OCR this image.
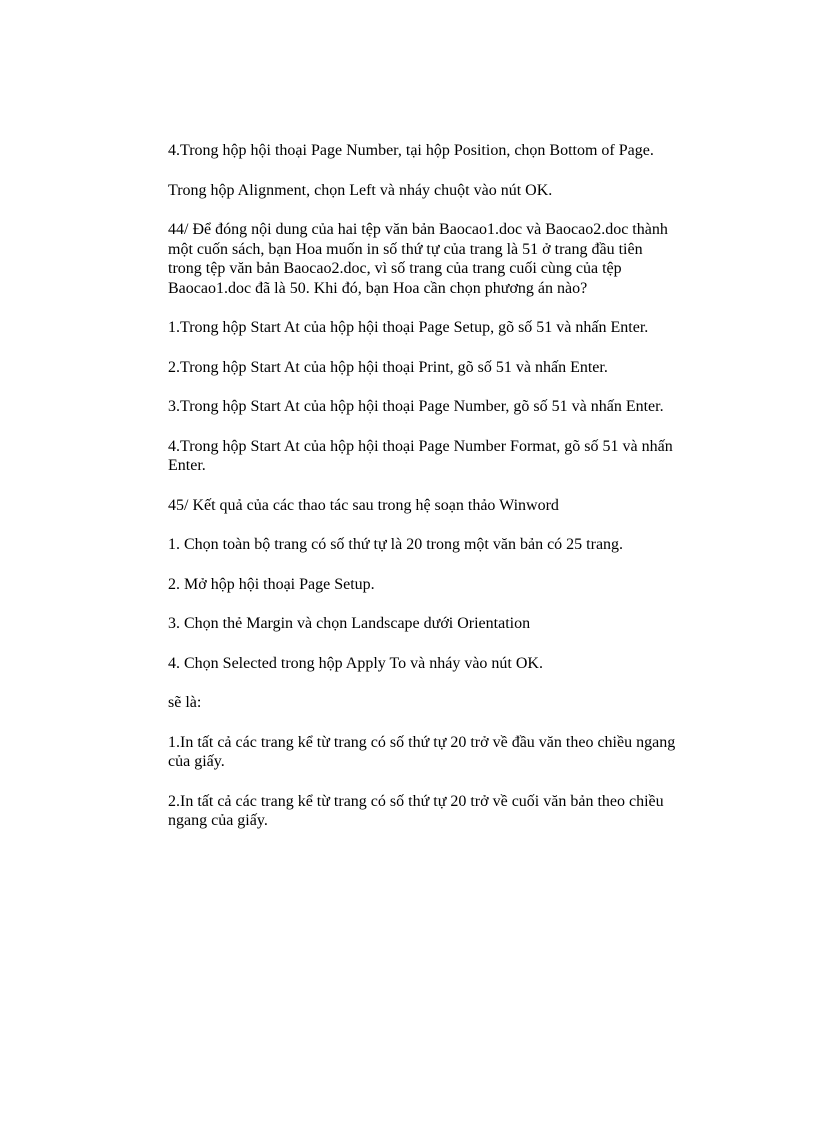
4.Trong hộp hội thoại Page Number, tại hộp Position, chọn Bottom of Page.

Trong hộp Alignment, chọn Left và nháy chuột vào nút OK.

44/ Để đóng nội dung của hai tệp văn bản Baocao1.doc và Baocao2.doc thành một cuốn sách, bạn Hoa muốn in số thứ tự của trang là 51 ở trang đầu tiên trong tệp văn bản Baocao2.doc, vì số trang của trang cuối cùng của tệp Baocao1.doc đã là 50. Khi đó, bạn Hoa cần chọn phương án nào?

1.Trong hộp Start At của hộp hội thoại Page Setup, gõ số 51 và nhấn Enter.

2.Trong hộp Start At của hộp hội thoại Print, gõ số 51 và nhấn Enter.

3.Trong hộp Start At của hộp hội thoại Page Number, gõ số 51 và nhấn Enter.

4.Trong hộp Start At của hộp hội thoại Page Number Format, gõ số 51 và nhấn Enter.

45/ Kết quả của các thao tác sau trong hệ soạn thảo Winword

1. Chọn toàn bộ trang có số thứ tự là 20 trong một văn bản có 25 trang.

2. Mở hộp hội thoại Page Setup.

3. Chọn thẻ Margin và chọn Landscape dưới Orientation

4. Chọn Selected trong hộp Apply To và nháy vào nút OK.

sẽ là:

1.In tất cả các trang kể từ trang có số thứ tự 20 trở về đầu văn theo chiều ngang của giấy.

2.In tất cả các trang kể từ trang có số thứ tự 20 trở về cuối văn bản theo chiều ngang của giấy.
